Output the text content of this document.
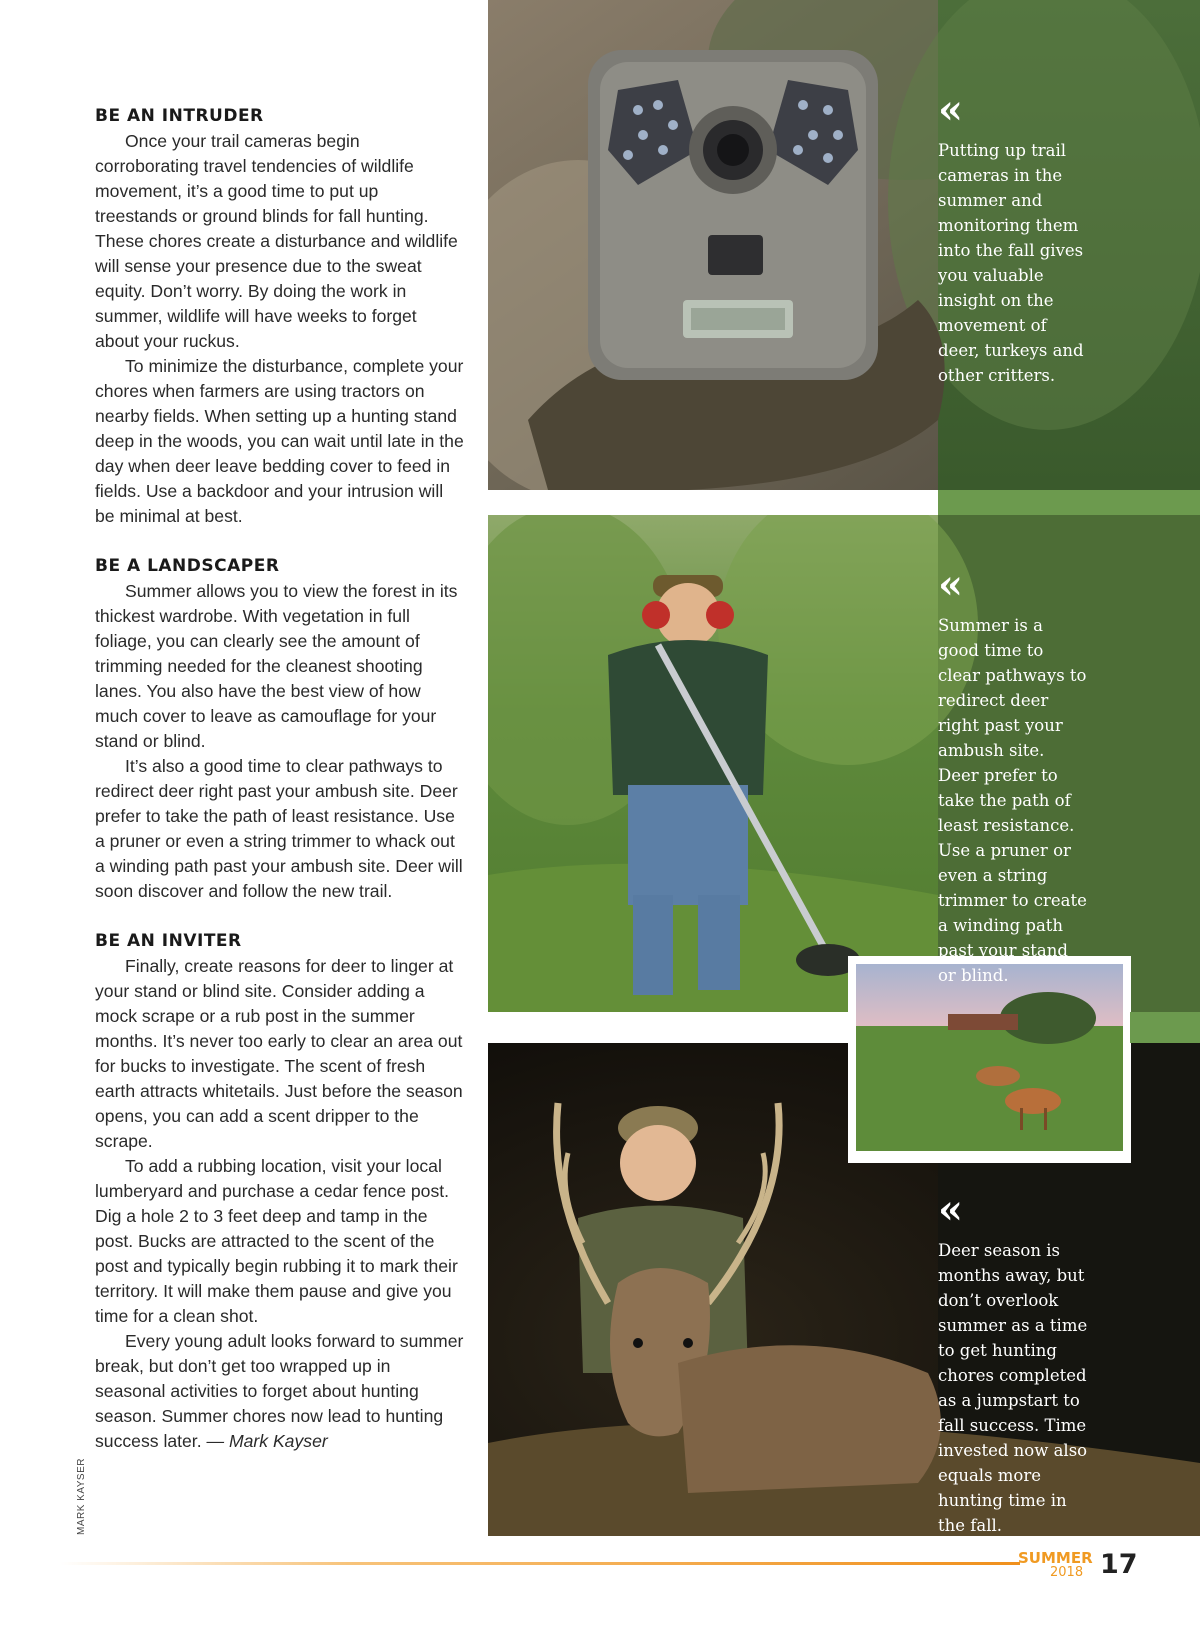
BE AN INTRUDER

Once your trail cameras begin corroborating travel tendencies of wildlife movement, it’s a good time to put up treestands or ground blinds for fall hunting. These chores create a disturbance and wildlife will sense your presence due to the sweat equity. Don’t worry. By doing the work in summer, wildlife will have weeks to forget about your ruckus.

To minimize the disturbance, complete your chores when farmers are using tractors on nearby fields. When setting up a hunting stand deep in the woods, you can wait until late in the day when deer leave bedding cover to feed in fields. Use a backdoor and your intrusion will be minimal at best.

BE A LANDSCAPER

Summer allows you to view the forest in its thickest wardrobe. With vegetation in full foliage, you can clearly see the amount of trimming needed for the cleanest shooting lanes. You also have the best view of how much cover to leave as camouflage for your stand or blind.

It’s also a good time to clear pathways to redirect deer right past your ambush site. Deer prefer to take the path of least resistance. Use a pruner or even a string trimmer to whack out a winding path past your ambush site. Deer will soon discover and follow the new trail.

BE AN INVITER

Finally, create reasons for deer to linger at your stand or blind site. Consider adding a mock scrape or a rub post in the summer months. It’s never too early to clear an area out for bucks to investigate. The scent of fresh earth attracts whitetails. Just before the season opens, you can add a scent dripper to the scrape.

To add a rubbing location, visit your local lumberyard and purchase a cedar fence post. Dig a hole 2 to 3 feet deep and tamp in the post. Bucks are attracted to the scent of the post and typically begin rubbing it to mark their territory. It will make them pause and give you time for a clean shot.

Every young adult looks forward to summer break, but don’t get too wrapped up in seasonal activities to forget about hunting season. Summer chores now lead to hunting success later. — Mark Kayser

MARK KAYSER
«
Putting up trail cameras in the summer and monitoring them into the fall gives you valuable insight on the movement of deer, turkeys and other critters.
«
Summer is a good time to clear pathways to redirect deer right past your ambush site. Deer prefer to take the path of least resistance. Use a pruner or even a string trimmer to create a winding path past your stand or blind.
«
Deer season is months away, but don’t overlook summer as a time to get hunting chores completed as a jumpstart to fall success. Time invested now also equals more hunting time in the fall.
SUMMER
2018 17
